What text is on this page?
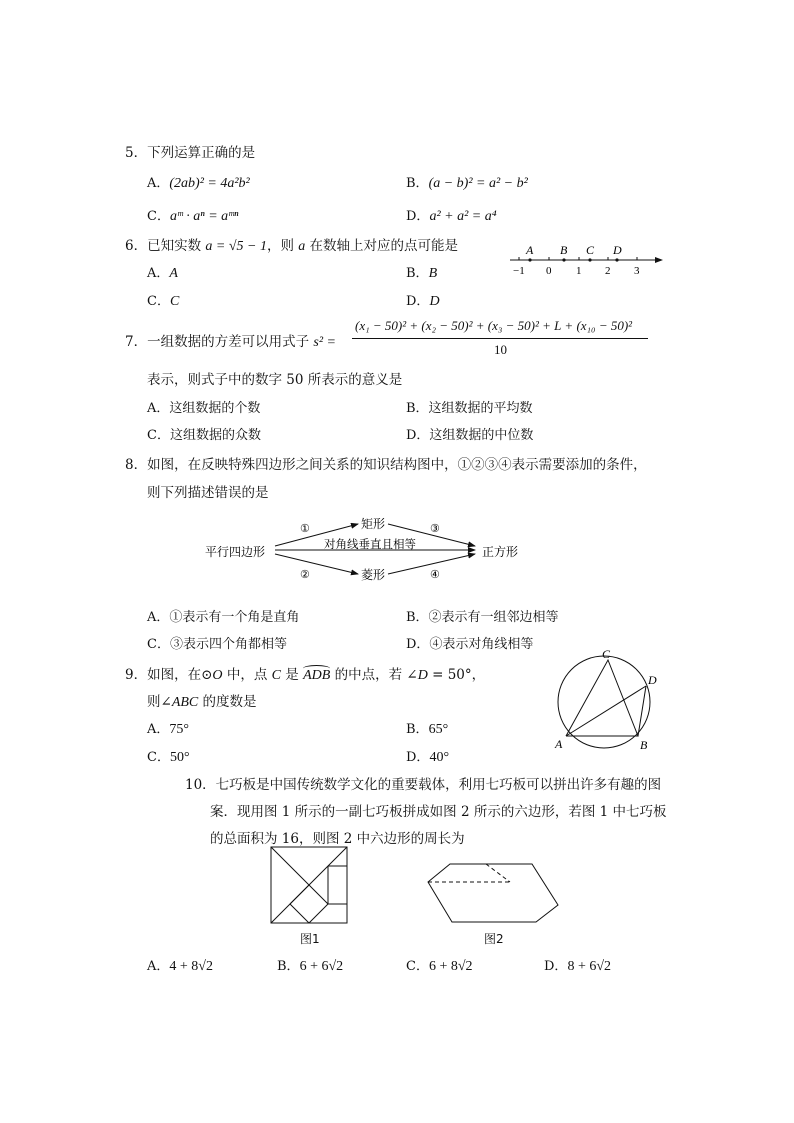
5．下列运算正确的是
A．(2ab)² = 4a²b²	B．(a − b)² = a² − b²
C．aᵐ · aⁿ = aᵐⁿ	D．a² + a² = a⁴
6．已知实数 a = √5 − 1，则 a 在数轴上对应的点可能是
A．A	B．B
C．C	D．D
−1 0 1 2 3
A B C D
7．一组数据的方差可以用式子 s² =
(x₁ − 50)² + (x₂ − 50)² + (x₃ − 50)² + L + (x₁₀ − 50)²
10
表示，则式子中的数字 50 所表示的意义是
A．这组数据的个数	B．这组数据的平均数
C．这组数据的众数	D．这组数据的中位数
8．如图，在反映特殊四边形之间关系的知识结构图中，①②③④表示需要添加的条件，
则下列描述错误的是
平行四边形
矩形
菱形
正方形
对角线垂直且相等
①
②
③
④
A．①表示有一个角是直角	B．②表示有一组邻边相等
C．③表示四个角都相等	D．④表示对角线相等
9．如图，在⊙O 中，点 C 是 ADB
的中点，若 ∠D = 50°，
则∠ABC 的度数是
A．75°	B．65°
C．50°	D．40°
C
D
A	B
10．七巧板是中国传统数学文化的重要载体，利用七巧板可以拼出许多有趣的图
案．现用图 1 所示的一副七巧板拼成如图 2 所示的六边形，若图 1 中七巧板
的总面积为 16，则图 2 中六边形的周长为
图1	图2
A．4 + 8√2	B．6 + 6√2	C．6 + 8√2	D．8 + 6√2
